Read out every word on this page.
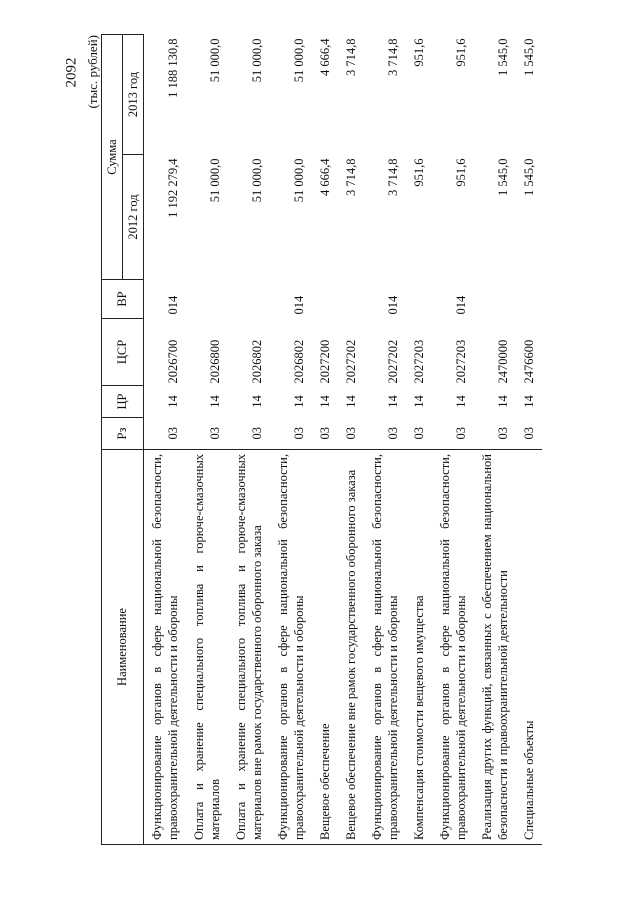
2092 (тыс. рублей)
Наименование	Рз	ЦР	ЦСР	ВР	Сумма	
					2012 год	2013 год
Функционирование органов в сфере национальной безопасности, правоохранительной деятельности и обороны	03	14	2026700	014	1 192 279,4	1 188 130,8
Оплата и хранение специального топлива и горюче-смазочных материалов	03	14	2026800		51 000,0	51 000,0
Оплата и хранение специального топлива и горюче-смазочных материалов вне рамок государственного оборонного заказа	03	14	2026802		51 000,0	51 000,0
Функционирование органов в сфере национальной безопасности, правоохранительной деятельности и обороны	03	14	2026802	014	51 000,0	51 000,0
Вещевое обеспечение	03	14	2027200		4 666,4	4 666,4
Вещевое обеспечение вне рамок государственного оборонного заказа	03	14	2027202		3 714,8	3 714,8
Функционирование органов в сфере национальной безопасности, правоохранительной деятельности и обороны	03	14	2027202	014	3 714,8	3 714,8
Компенсация стоимости вещевого имущества	03	14	2027203		951,6	951,6
Функционирование органов в сфере национальной безопасности, правоохранительной деятельности и обороны	03	14	2027203	014	951,6	951,6
Реализация других функций, связанных с обеспечением национальной безопасности и правоохранительной деятельности	03	14	2470000		1 545,0	1 545,0
Специальные объекты	03	14	2476600		1 545,0	1 545,0
